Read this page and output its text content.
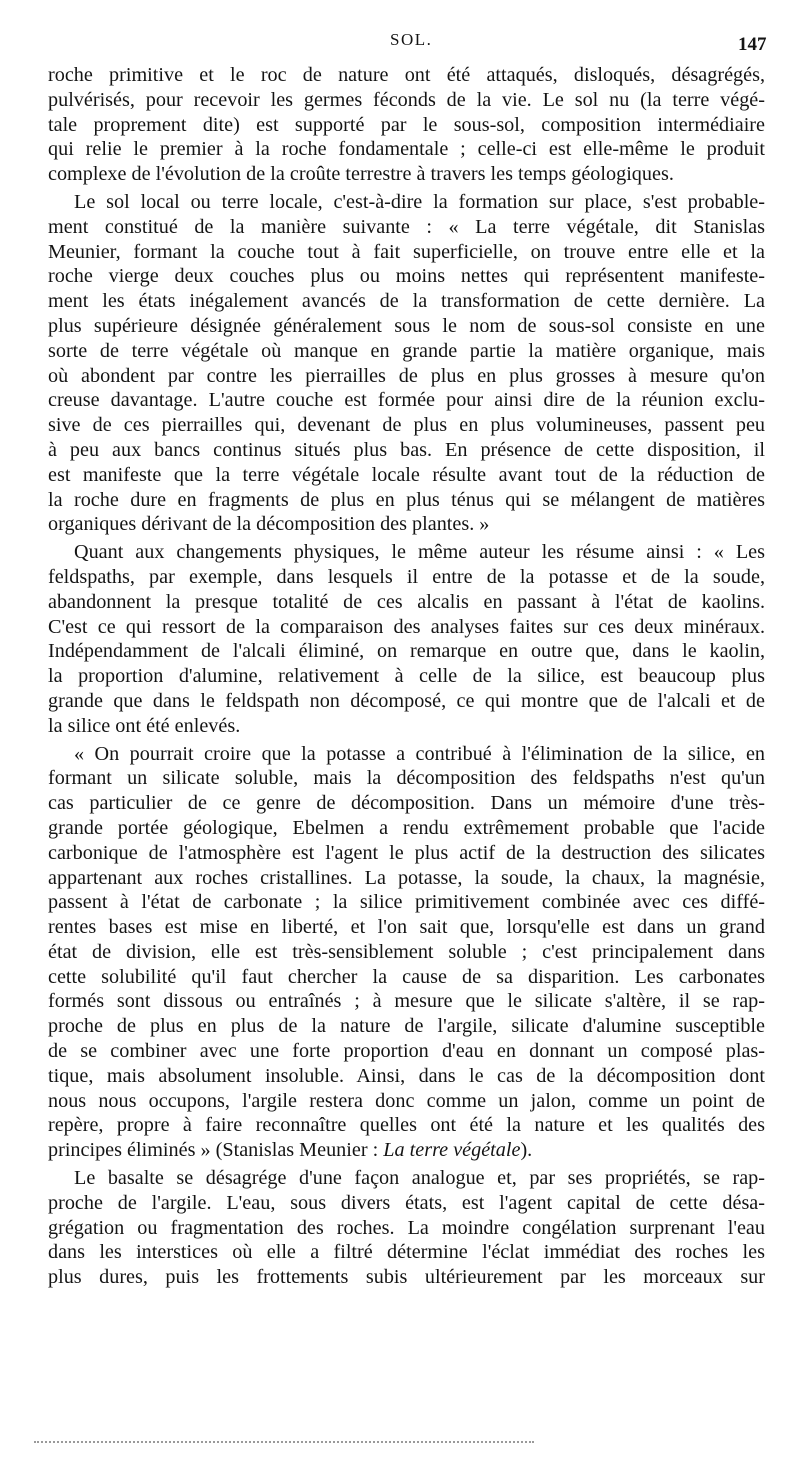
SOL.	147
roche primitive et le roc de nature ont été attaqués, disloqués, désagrégés,
pulvérisés, pour recevoir les germes féconds de la vie. Le sol nu (la terre végé-
tale proprement dite) est supporté par le sous-sol, composition intermédiaire
qui relie le premier à la roche fondamentale ; celle-ci est elle-même le produit
complexe de l'évolution de la croûte terrestre à travers les temps géologiques.
Le sol local ou terre locale, c'est-à-dire la formation sur place, s'est probable-
ment constitué de la manière suivante : « La terre végétale, dit Stanislas
Meunier, formant la couche tout à fait superficielle, on trouve entre elle et la
roche vierge deux couches plus ou moins nettes qui représentent manifeste-
ment les états inégalement avancés de la transformation de cette dernière. La
plus supérieure désignée généralement sous le nom de sous-sol consiste en une
sorte de terre végétale où manque en grande partie la matière organique, mais
où abondent par contre les pierrailles de plus en plus grosses à mesure qu'on
creuse davantage. L'autre couche est formée pour ainsi dire de la réunion exclu-
sive de ces pierrailles qui, devenant de plus en plus volumineuses, passent peu
à peu aux bancs continus situés plus bas. En présence de cette disposition, il
est manifeste que la terre végétale locale résulte avant tout de la réduction de
la roche dure en fragments de plus en plus ténus qui se mélangent de matières
organiques dérivant de la décomposition des plantes. »
Quant aux changements physiques, le même auteur les résume ainsi : « Les
feldspaths, par exemple, dans lesquels il entre de la potasse et de la soude,
abandonnent la presque totalité de ces alcalis en passant à l'état de kaolins.
C'est ce qui ressort de la comparaison des analyses faites sur ces deux minéraux.
Indépendamment de l'alcali éliminé, on remarque en outre que, dans le kaolin,
la proportion d'alumine, relativement à celle de la silice, est beaucoup plus
grande que dans le feldspath non décomposé, ce qui montre que de l'alcali et de
la silice ont été enlevés.
« On pourrait croire que la potasse a contribué à l'élimination de la silice, en
formant un silicate soluble, mais la décomposition des feldspaths n'est qu'un
cas particulier de ce genre de décomposition. Dans un mémoire d'une très-
grande portée géologique, Ebelmen a rendu extrêmement probable que l'acide
carbonique de l'atmosphère est l'agent le plus actif de la destruction des silicates
appartenant aux roches cristallines. La potasse, la soude, la chaux, la magnésie,
passent à l'état de carbonate ; la silice primitivement combinée avec ces diffé-
rentes bases est mise en liberté, et l'on sait que, lorsqu'elle est dans un grand
état de division, elle est très-sensiblement soluble ; c'est principalement dans
cette solubilité qu'il faut chercher la cause de sa disparition. Les carbonates
formés sont dissous ou entraînés ; à mesure que le silicate s'altère, il se rap-
proche de plus en plus de la nature de l'argile, silicate d'alumine susceptible
de se combiner avec une forte proportion d'eau en donnant un composé plas-
tique, mais absolument insoluble. Ainsi, dans le cas de la décomposition dont
nous nous occupons, l'argile restera donc comme un jalon, comme un point de
repère, propre à faire reconnaître quelles ont été la nature et les qualités des
principes éliminés » (Stanislas Meunier : La terre végétale).
Le basalte se désagrége d'une façon analogue et, par ses propriétés, se rap-
proche de l'argile. L'eau, sous divers états, est l'agent capital de cette désa-
grégation ou fragmentation des roches. La moindre congélation surprenant l'eau
dans les interstices où elle a filtré détermine l'éclat immédiat des roches les
plus dures, puis les frottements subis ultérieurement par les morceaux sur
